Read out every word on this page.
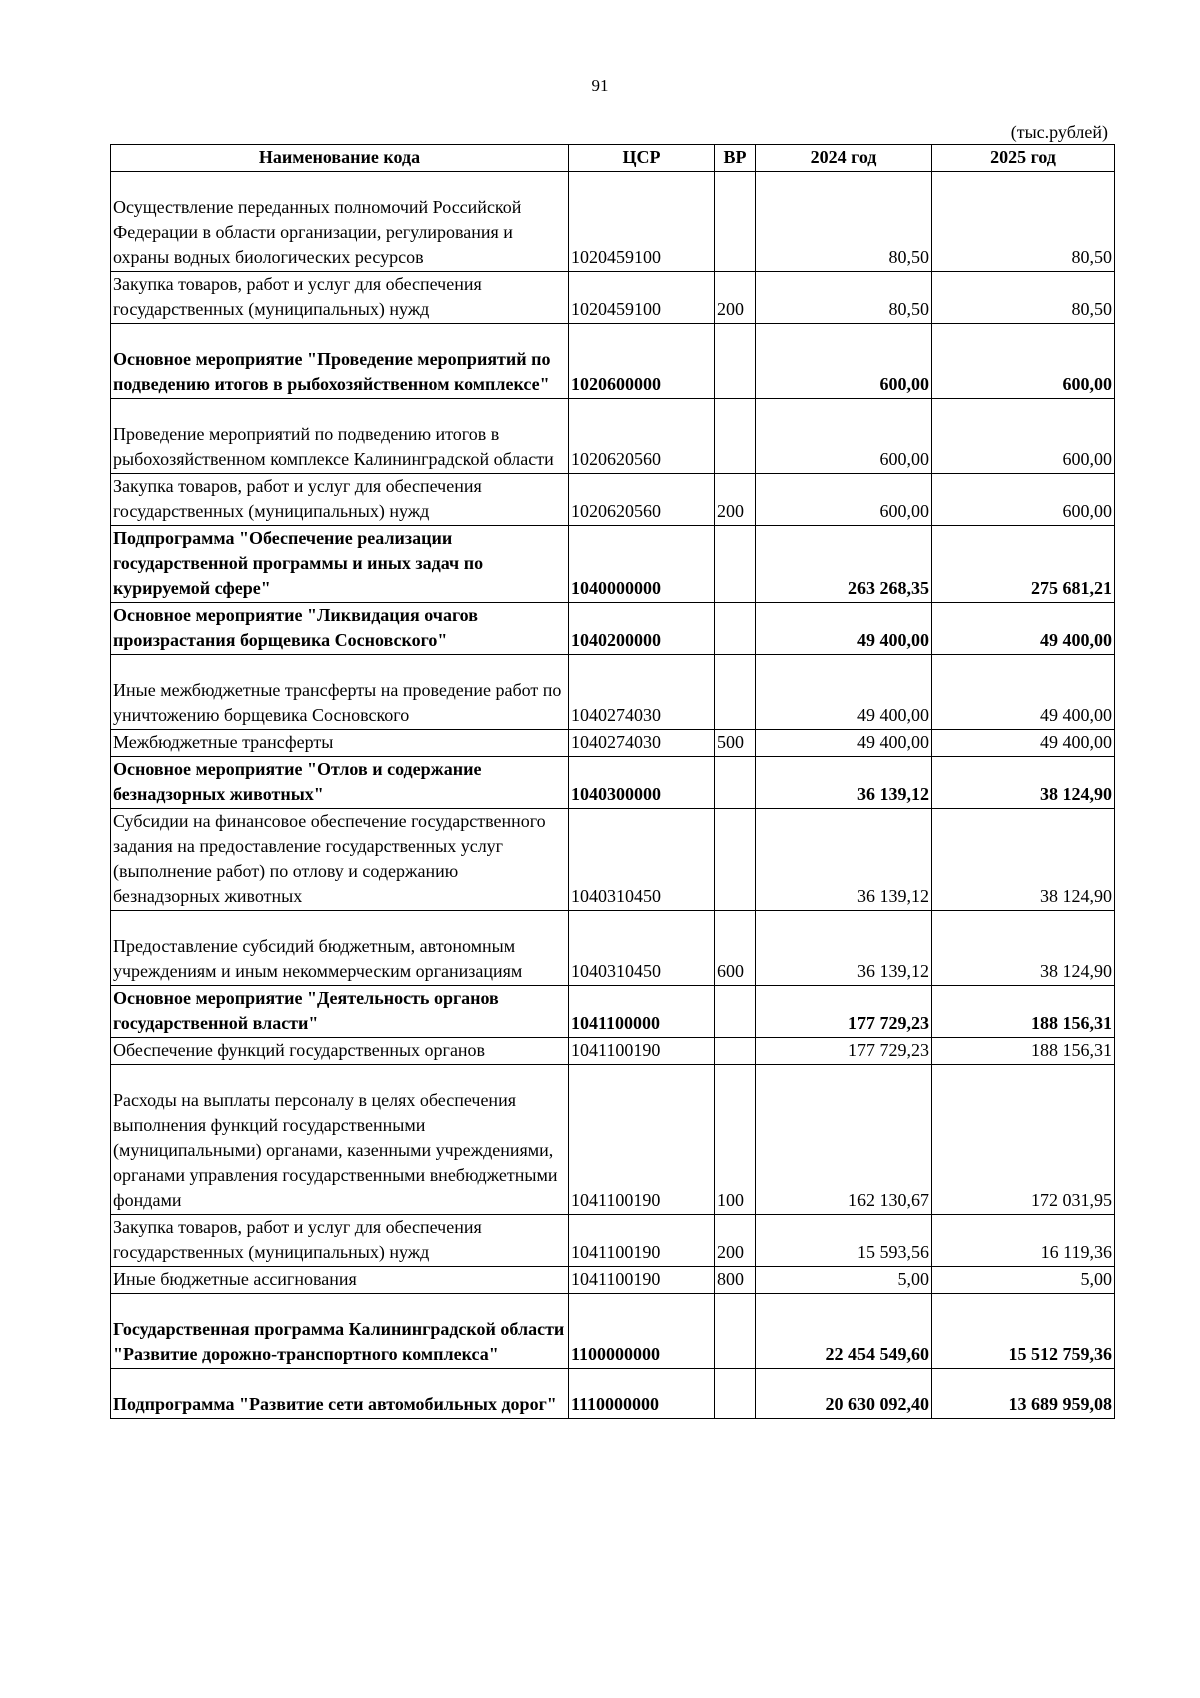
91
(тыс.рублей)
Наименование кода	ЦСР	ВР	2024 год	2025 год
Осуществление переданных полномочий Российской Федерации в области организации, регулирования и охраны водных биологических ресурсов	1020459100		80,50	80,50
Закупка товаров, работ и услуг для обеспечения государственных (муниципальных) нужд	1020459100	200	80,50	80,50
Основное мероприятие "Проведение мероприятий по подведению итогов в рыбохозяйственном комплексе"	1020600000		600,00	600,00
Проведение мероприятий по подведению итогов в рыбохозяйственном комплексе Калининградской области	1020620560		600,00	600,00
Закупка товаров, работ и услуг для обеспечения государственных (муниципальных) нужд	1020620560	200	600,00	600,00
Подпрограмма "Обеспечение реализации государственной программы и иных задач по курируемой сфере"	1040000000		263 268,35	275 681,21
Основное мероприятие "Ликвидация очагов произрастания борщевика Сосновского"	1040200000		49 400,00	49 400,00
Иные межбюджетные трансферты на проведение работ по уничтожению борщевика Сосновского	1040274030		49 400,00	49 400,00
Межбюджетные трансферты	1040274030	500	49 400,00	49 400,00
Основное мероприятие "Отлов и содержание безнадзорных животных"	1040300000		36 139,12	38 124,90
Субсидии на финансовое обеспечение государственного задания на предоставление государственных услуг (выполнение работ) по отлову и содержанию безнадзорных животных	1040310450		36 139,12	38 124,90
Предоставление субсидий бюджетным, автономным учреждениям и иным некоммерческим организациям	1040310450	600	36 139,12	38 124,90
Основное мероприятие "Деятельность органов государственной власти"	1041100000		177 729,23	188 156,31
Обеспечение функций государственных органов	1041100190		177 729,23	188 156,31
Расходы на выплаты персоналу в целях обеспечения выполнения функций государственными (муниципальными) органами, казенными учреждениями, органами управления государственными внебюджетными фондами	1041100190	100	162 130,67	172 031,95
Закупка товаров, работ и услуг для обеспечения государственных (муниципальных) нужд	1041100190	200	15 593,56	16 119,36
Иные бюджетные ассигнования	1041100190	800	5,00	5,00
Государственная программа Калининградской области "Развитие дорожно-транспортного комплекса"	1100000000		22 454 549,60	15 512 759,36
Подпрограмма "Развитие сети автомобильных дорог"	1110000000		20 630 092,40	13 689 959,08
